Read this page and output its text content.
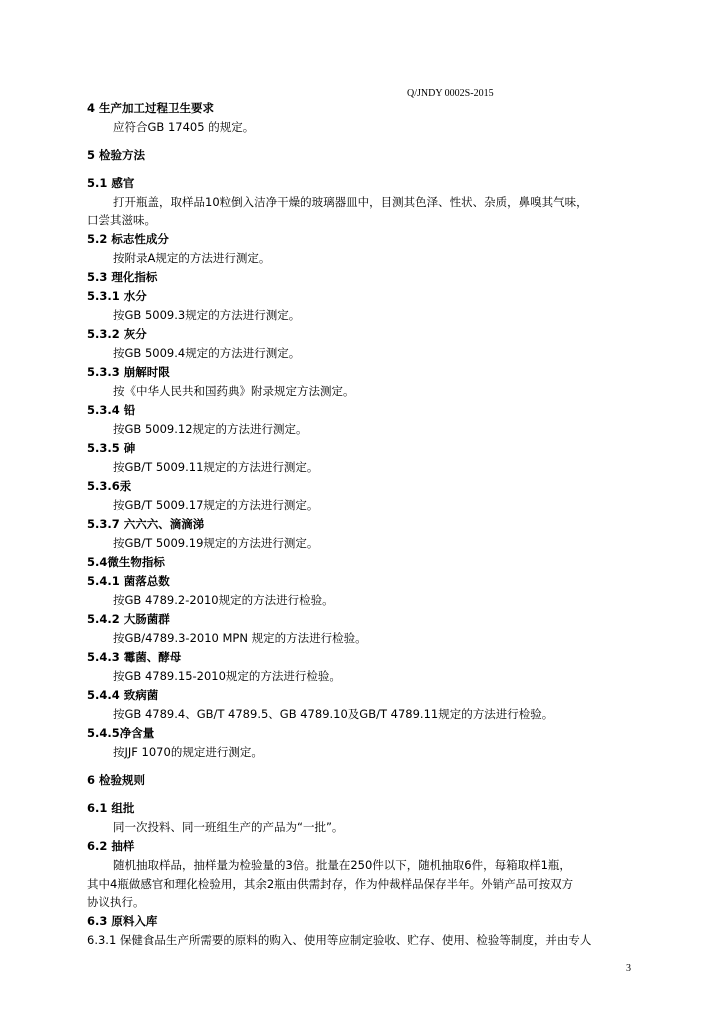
Q/JNDY 0002S-2015
4 生产加工过程卫生要求
应符合GB 17405 的规定。
5 检验方法
5.1 感官
打开瓶盖，取样品10粒倒入洁净干燥的玻璃器皿中，目测其色泽、性状、杂质，鼻嗅其气味，
口尝其滋味。
5.2 标志性成分
按附录A规定的方法进行测定。
5.3 理化指标
5.3.1 水分
按GB 5009.3规定的方法进行测定。
5.3.2 灰分
按GB 5009.4规定的方法进行测定。
5.3.3 崩解时限
按《中华人民共和国药典》附录规定方法测定。
5.3.4 铅
按GB 5009.12规定的方法进行测定。
5.3.5 砷
按GB/T 5009.11规定的方法进行测定。
5.3.6汞
按GB/T 5009.17规定的方法进行测定。
5.3.7 六六六、滴滴涕
按GB/T 5009.19规定的方法进行测定。
5.4微生物指标
5.4.1 菌落总数
按GB 4789.2-2010规定的方法进行检验。
5.4.2 大肠菌群
按GB/4789.3-2010 MPN 规定的方法进行检验。
5.4.3 霉菌、酵母
按GB 4789.15-2010规定的方法进行检验。
5.4.4 致病菌
按GB 4789.4、GB/T 4789.5、GB 4789.10及GB/T 4789.11规定的方法进行检验。
5.4.5净含量
按JJF 1070的规定进行测定。
6 检验规则
6.1 组批
同一次投料、同一班组生产的产品为“一批”。
6.2 抽样
随机抽取样品，抽样量为检验量的3倍。批量在250件以下，随机抽取6件，每箱取样1瓶，
其中4瓶做感官和理化检验用，其余2瓶由供需封存，作为仲裁样品保存半年。外销产品可按双方
协议执行。
6.3 原料入库
6.3.1 保健食品生产所需要的原料的购入、使用等应制定验收、贮存、使用、检验等制度，并由专人
3
